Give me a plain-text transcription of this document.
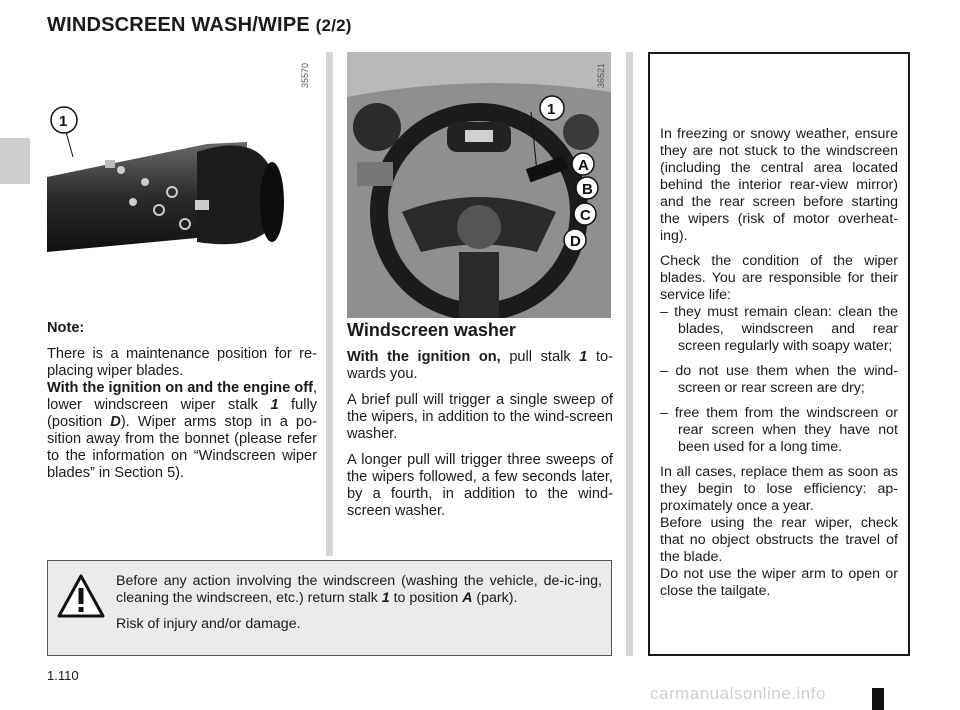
WINDSCREEN WASH/WIPE (2/2)
1
35570
Note:

There is a maintenance position for re-placing wiper blades.

With the ignition on and the engine off, lower windscreen wiper stalk 1 fully (position D). Wiper arms stop in a po-sition away from the bonnet (please refer to the information on “Windscreen wiper blades” in Section 5).

1
A
B
C
D
36521
Windscreen washer

With the ignition on, pull stalk 1 to-wards you.

A brief pull will trigger a single sweep of the wipers, in addition to the wind-screen washer.

A longer pull will trigger three sweeps of the wipers followed, a few seconds later, by a fourth, in addition to the wind-screen washer.

In freezing or snowy weather, ensure they are not stuck to the windscreen (including the central area located behind the interior rear-view mirror) and the rear screen before starting the wipers (risk of motor overheat-ing).

Check the condition of the wiper blades. You are responsible for their service life:

– they must remain clean: clean the blades, windscreen and rear screen regularly with soapy water;

– do not use them when the wind-screen or rear screen are dry;

– free them from the windscreen or rear screen when they have not been used for a long time.

In all cases, replace them as soon as they begin to lose efficiency: ap-proximately once a year.

Before using the rear wiper, check that no object obstructs the travel of the blade.

Do not use the wiper arm to open or close the tailgate.

Before any action involving the windscreen (washing the vehicle, de-ic-ing, cleaning the windscreen, etc.) return stalk 1 to position A (park).

Risk of injury and/or damage.

1.110
carmanualsonline.info
